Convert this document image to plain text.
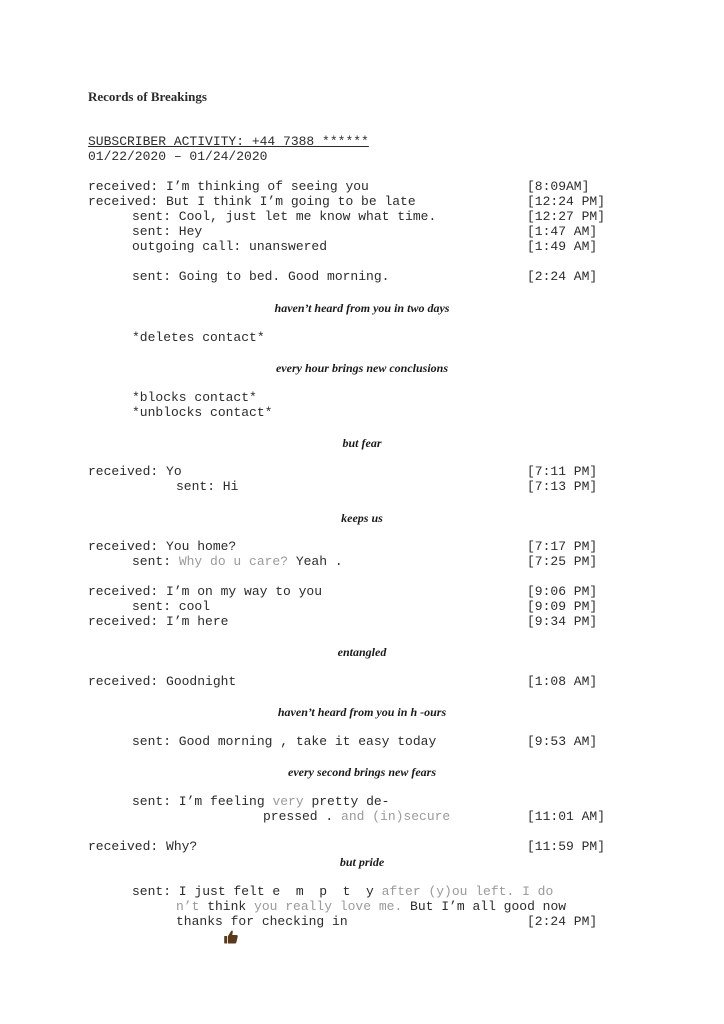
Records of Breakings
SUBSCRIBER ACTIVITY: +44 7388 ******
01/22/2020 – 01/24/2020
received: I’m thinking of seeing you	[8:09AM]
received: But I think I’m going to be late	[12:24 PM]
sent: Cool, just let me know what time.	[12:27 PM]
sent: Hey	[1:47 AM]
outgoing call: unanswered	[1:49 AM]
sent: Going to bed. Good morning.	[2:24 AM]
haven’t heard from you in two days
*deletes contact*
every hour brings new conclusions
*blocks contact*
*unblocks contact*
but fear
received: Yo	[7:11 PM]
sent: Hi	[7:13 PM]
keeps us
received: You home?	[7:17 PM]
sent: Why do u care? Yeah .	[7:25 PM]
received: I’m on my way to you	[9:06 PM]
sent: cool	[9:09 PM]
received: I’m here	[9:34 PM]
entangled
received: Goodnight	[1:08 AM]
haven’t heard from you in h -ours
sent: Good morning , take it easy today	[9:53 AM]
every second brings new fears
sent: I’m feeling very pretty de-
pressed . and (in)secure	[11:01 AM]
received: Why?	[11:59 PM]
but pride
sent: I just felt e  m  p  t  y after (y)ou left. I do
n’t think you really love me. But I’m all good now

thanks for checking in	[2:24 PM]
